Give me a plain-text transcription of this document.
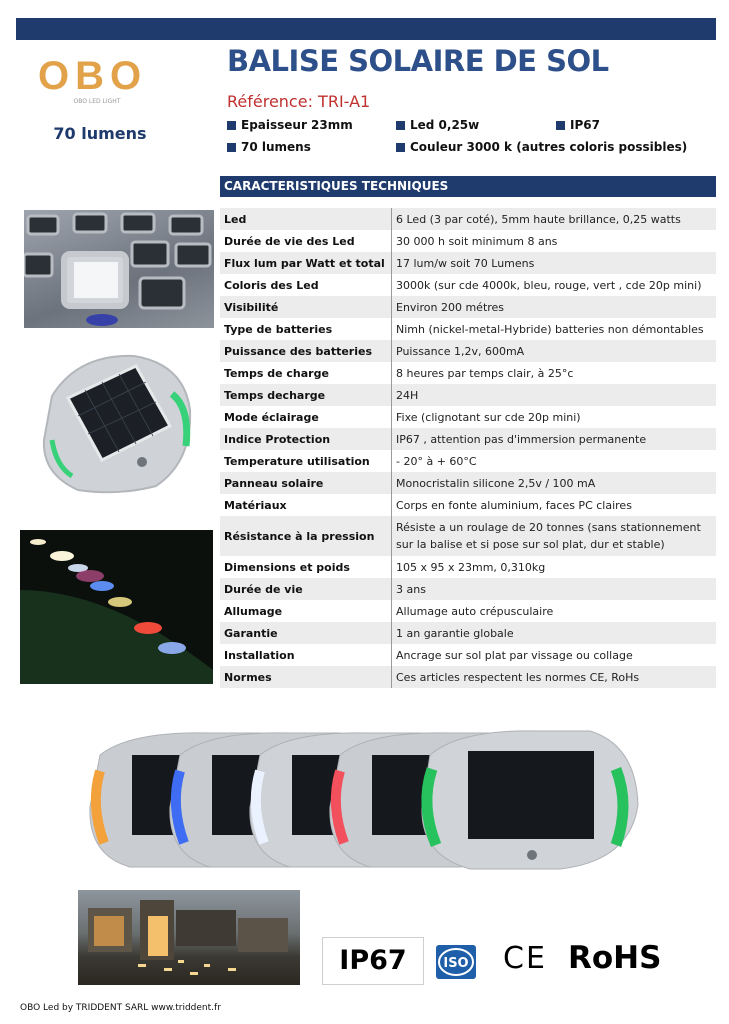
OBO
OBO LED LIGHT
70 lumens
BALISE SOLAIRE DE SOL
Référence: TRI-A1
Epaisseur 23mm	Led 0,25w	IP67
70 lumens	Couleur 3000 k (autres coloris possibles)
CARACTERISTIQUES TECHNIQUES
Led	6 Led (3 par coté), 5mm haute brillance, 0,25 watts
Durée de vie des Led	30 000 h soit minimum 8 ans
Flux lum par Watt et total	17 lum/w soit 70 Lumens
Coloris des Led	3000k (sur cde 4000k, bleu, rouge, vert , cde 20p mini)
Visibilité	Environ 200 métres
Type de batteries	Nimh (nickel-metal-Hybride) batteries non démontables
Puissance des batteries	Puissance 1,2v, 600mA
Temps de charge	8 heures par temps clair, à 25°c
Temps decharge	24H
Mode éclairage	Fixe (clignotant sur cde 20p mini)
Indice Protection	IP67 , attention pas d'immersion permanente
Temperature utilisation	- 20° à + 60°C
Panneau solaire	Monocristalin silicone 2,5v / 100 mA
Matériaux	Corps en fonte aluminium, faces PC claires
Résistance à la pression	Résiste a un roulage de 20 tonnes (sans stationnement sur la balise et si pose sur sol plat, dur et stable)
Dimensions et poids	105 x 95 x 23mm, 0,310kg
Durée de vie	3 ans
Allumage	Allumage auto crépusculaire
Garantie	1 an garantie globale
Installation	Ancrage sur sol plat par vissage ou collage
Normes	Ces articles respectent les normes CE, RoHs
IP67	ISO CE RoHS
OBO Led by TRIDDENT SARL www.triddent.fr
